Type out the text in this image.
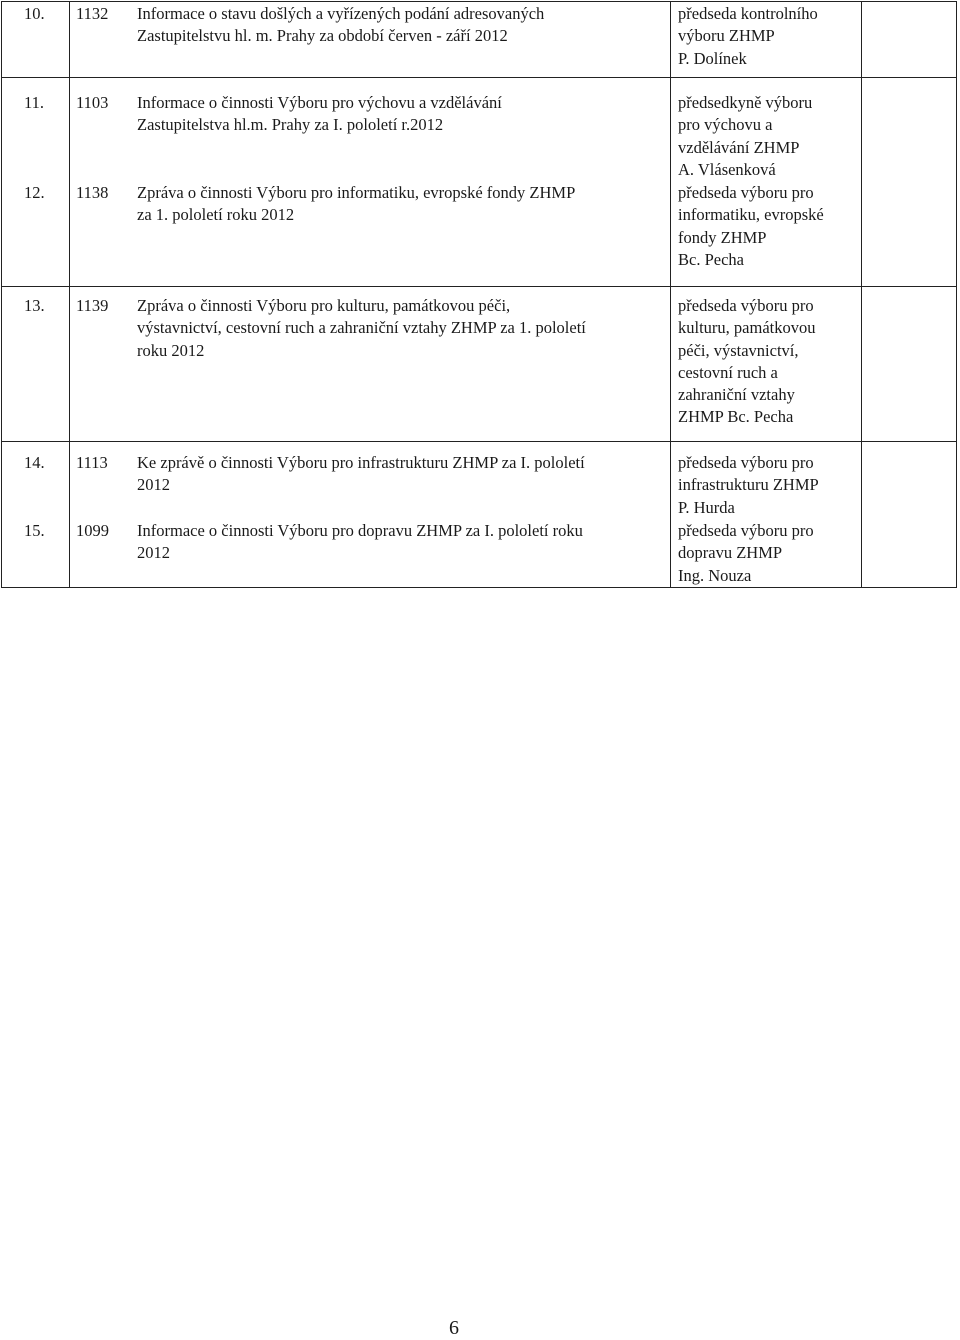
10. 1132 Informace o stavu došlých a vyřízených podání adresovaných
Zastupitelstvu hl. m. Prahy za období červen - září 2012
předseda kontrolního
výboru ZHMP
P. Dolínek
11. 1103 Informace o činnosti Výboru pro výchovu a vzdělávání
Zastupitelstva hl.m. Prahy za I. pololetí r.2012
předsedkyně výboru
pro výchovu a
vzdělávání ZHMP
A. Vlásenková
12. 1138 Zpráva o činnosti Výboru pro informatiku, evropské fondy ZHMP
za 1. pololetí roku 2012
předseda výboru pro
informatiku, evropské
fondy ZHMP
Bc. Pecha
13. 1139 Zpráva o činnosti Výboru pro kulturu, památkovou péči,
výstavnictví, cestovní ruch a zahraniční vztahy ZHMP za 1. pololetí
roku 2012
předseda výboru pro
kulturu, památkovou
péči, výstavnictví,
cestovní ruch a
zahraniční vztahy
ZHMP Bc. Pecha
14. 1113 Ke zprávě o činnosti Výboru pro infrastrukturu ZHMP za I. pololetí
2012
předseda výboru pro
infrastrukturu ZHMP
P. Hurda
15. 1099 Informace o činnosti Výboru pro dopravu ZHMP za I. pololetí roku
2012
předseda výboru pro
dopravu ZHMP
Ing. Nouza
6
